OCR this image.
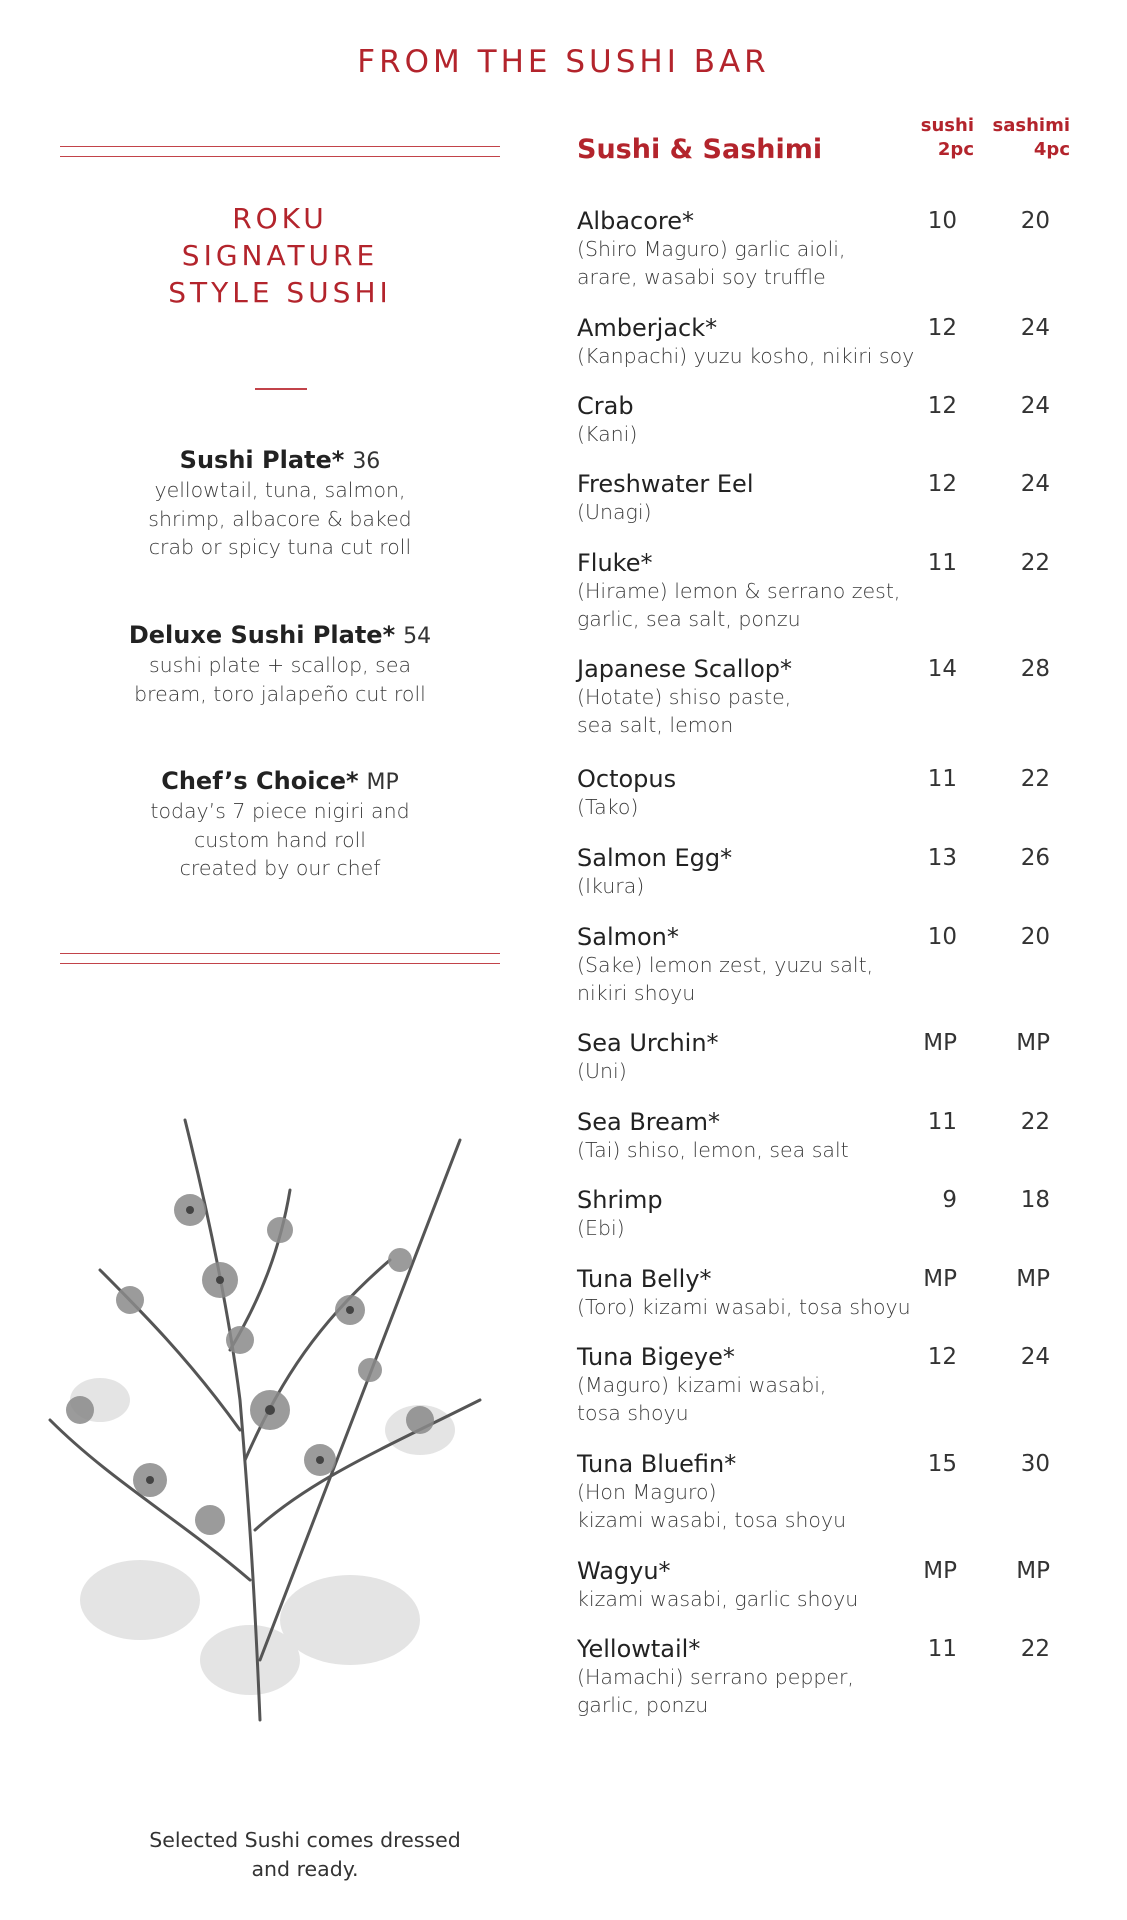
FROM THE SUSHI BAR
ROKU
SIGNATURE
STYLE SUSHI
Sushi Plate* 36
yellowtail, tuna, salmon,
shrimp, albacore & baked
crab or spicy tuna cut roll
Deluxe Sushi Plate* 54
sushi plate + scallop, sea
bream, toro jalapeño cut roll
Chef’s Choice* MP
today’s 7 piece nigiri and
custom hand roll
created by our chef
Selected Sushi comes dressed
and ready.
Sushi & Sashimi
sushi
2pc
sashimi
4pc
Albacore*
(Shiro Maguro) garlic aioli,
arare, wasabi soy truffle
10	20
Amberjack*
(Kanpachi) yuzu kosho, nikiri soy
12	24
Crab
(Kani)
12	24
Freshwater Eel
(Unagi)
12	24
Fluke*
(Hirame) lemon & serrano zest,
garlic, sea salt, ponzu
11	22
Japanese Scallop*
(Hotate) shiso paste,
sea salt, lemon
14	28
Octopus
(Tako)
11	22
Salmon Egg*
(Ikura)
13	26
Salmon*
(Sake) lemon zest, yuzu salt,
nikiri shoyu
10	20
Sea Urchin*
(Uni)
MP	MP
Sea Bream*
(Tai) shiso, lemon, sea salt
11	22
Shrimp
(Ebi)
9	18
Tuna Belly*
(Toro) kizami wasabi, tosa shoyu
MP	MP
Tuna Bigeye*
(Maguro) kizami wasabi,
tosa shoyu
12	24
Tuna Bluefin*
(Hon Maguro)
kizami wasabi, tosa shoyu
15	30
Wagyu*
kizami wasabi, garlic shoyu
MP	MP
Yellowtail*
(Hamachi) serrano pepper,
garlic, ponzu
11	22
